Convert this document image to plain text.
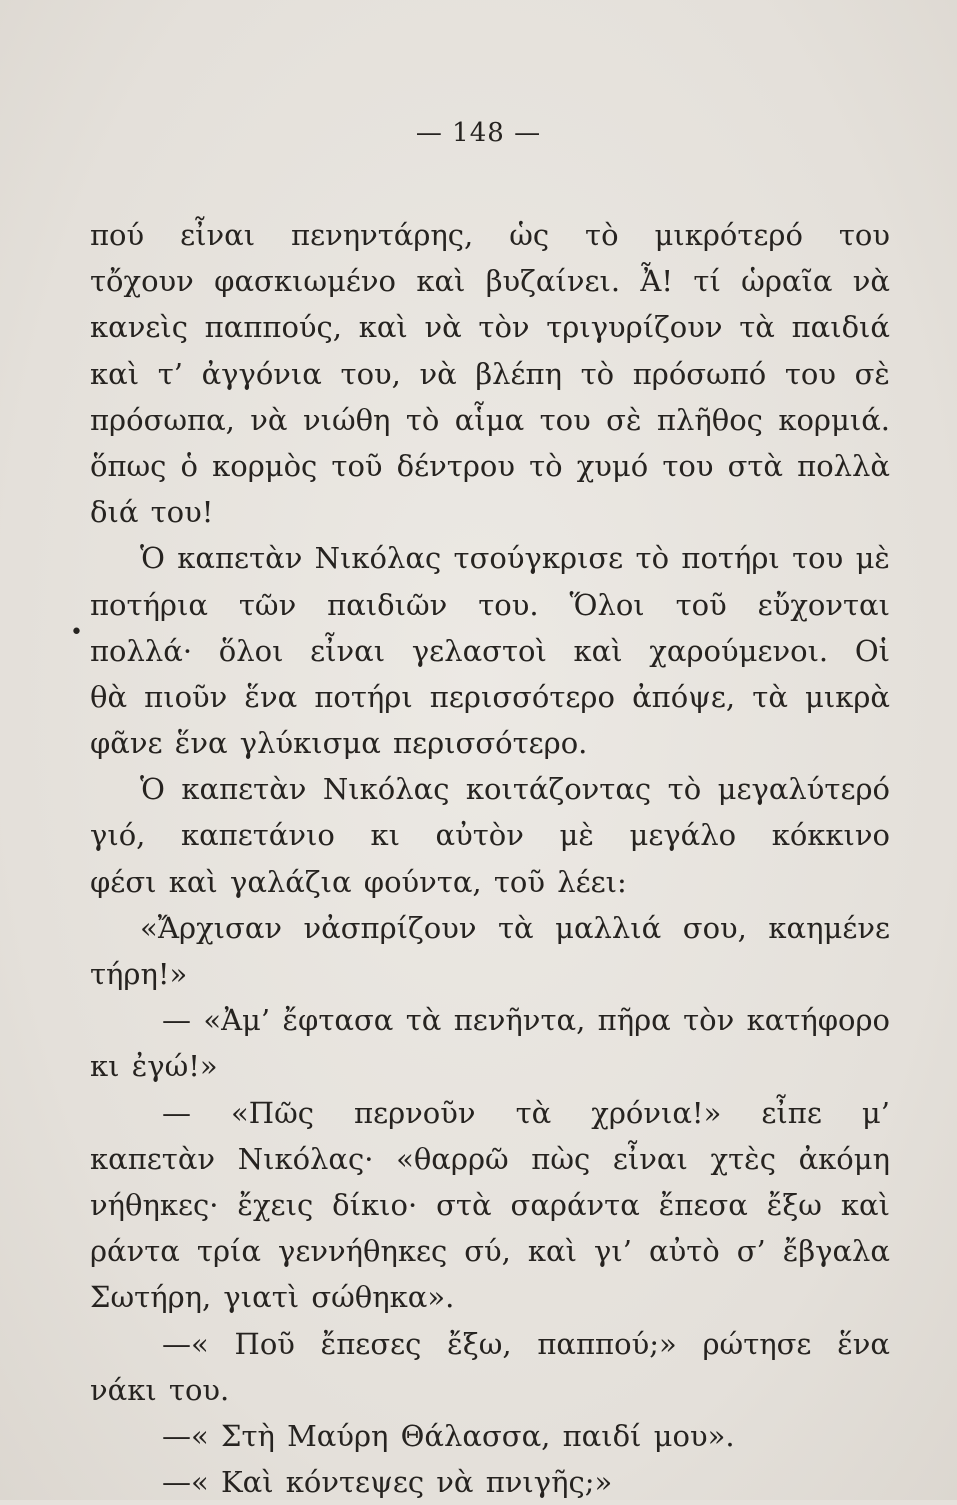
— 148 —
•
πού εἶναι πενηντάρης, ὡς τὸ μικρότερό του
τὄχουν φασκιωμένο καὶ βυζαίνει. Ἆ! τί ὡραῖα νὰ
κανεὶς παππούς, καὶ νὰ τὸν τριγυρίζουν τὰ παιδιά
καὶ τ’ ἀγγόνια του, νὰ βλέπη τὸ πρόσωπό του σὲ
πρόσωπα, νὰ νιώθη τὸ αἷμα του σὲ πλῆθος κορμιά.
ὅπως ὁ κορμὸς τοῦ δέντρου τὸ χυμό του στὰ πολλὰ
διά του!
Ὁ καπετὰν Νικόλας τσούγκρισε τὸ ποτήρι του μὲ
ποτήρια τῶν παιδιῶν του. Ὅλοι τοῦ εὔχονται
πολλά· ὅλοι εἶναι γελαστοὶ καὶ χαρούμενοι. Οἱ
θὰ πιοῦν ἕνα ποτήρι περισσότερο ἀπόψε, τὰ μικρὰ
φᾶνε ἕνα γλύκισμα περισσότερο.
Ὁ καπετὰν Νικόλας κοιτάζοντας τὸ μεγαλύτερό
γιό, καπετάνιο κι αὐτὸν μὲ μεγάλο κόκκινο
φέσι καὶ γαλάζια φούντα, τοῦ λέει:
«Ἄρχισαν νἀσπρίζουν τὰ μαλλιά σου, καημένε
τήρη!»
— «Ἀμ’ ἔφτασα τὰ πενῆντα, πῆρα τὸν κατήφορο
κι ἐγώ!»
— «Πῶς περνοῦν τὰ χρόνια!» εἶπε μ’
καπετὰν Νικόλας· «θαρρῶ πὼς εἶναι χτὲς ἀκόμη
νήθηκες· ἔχεις δίκιο· στὰ σαράντα ἔπεσα ἔξω καὶ
ράντα τρία γεννήθηκες σύ, καὶ γι’ αὐτὸ σ’ ἔβγαλα
Σωτήρη, γιατὶ σώθηκα».
—« Ποῦ ἔπεσες ἔξω, παππού;» ρώτησε ἕνα
νάκι του.
—« Στὴ Μαύρη Θάλασσα, παιδί μου».
—« Καὶ κόντεψες νὰ πνιγῆς;»
